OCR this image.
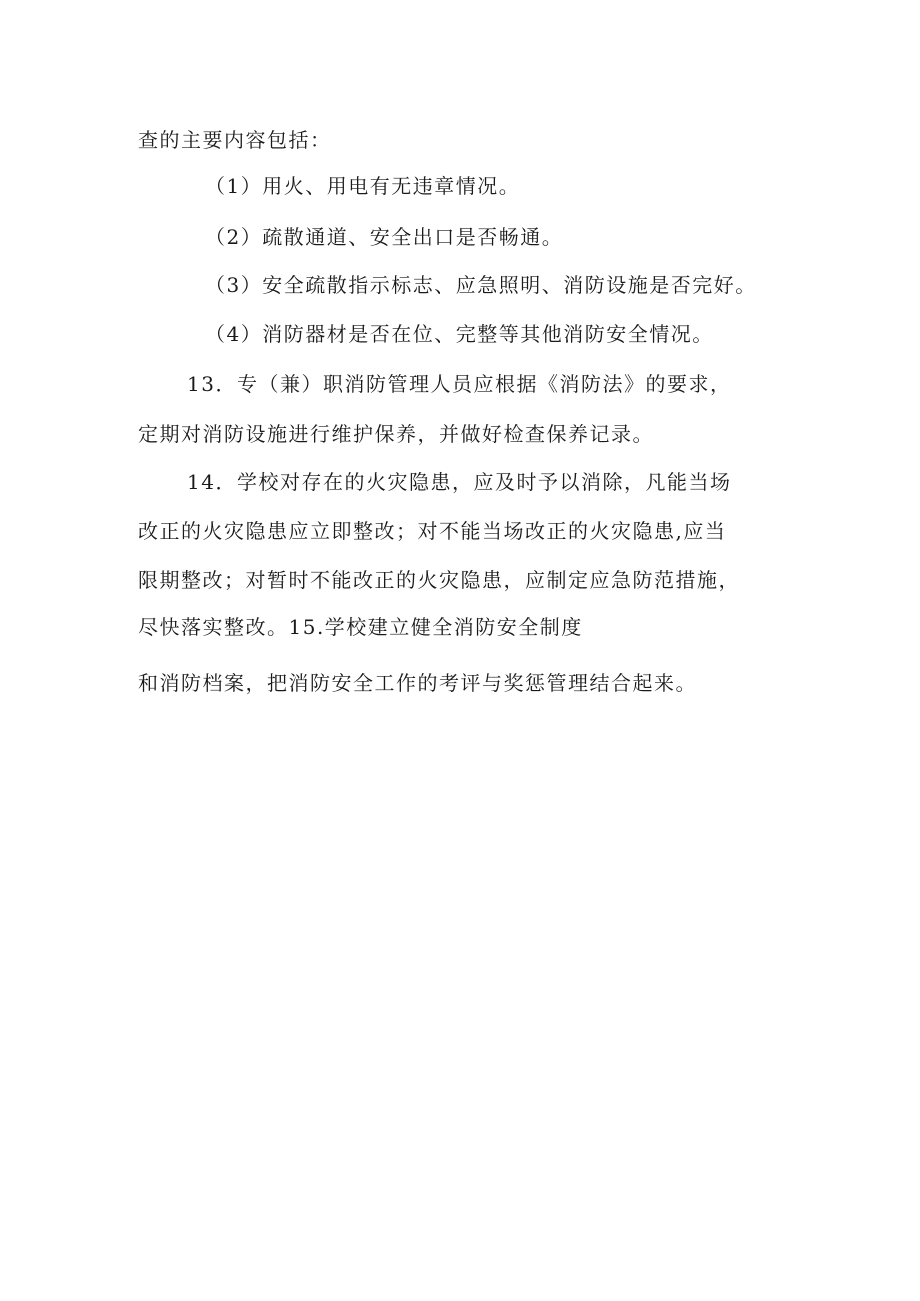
查的主要内容包括：

（1）用火、用电有无违章情况。

（2）疏散通道、安全出口是否畅通。

（3）安全疏散指示标志、应急照明、消防设施是否完好。

（4）消防器材是否在位、完整等其他消防安全情况。

13．专（兼）职消防管理人员应根据《消防法》的要求，

定期对消防设施进行维护保养，并做好检查保养记录。

14．学校对存在的火灾隐患，应及时予以消除，凡能当场

改正的火灾隐患应立即整改；对不能当场改正的火灾隐患,应当

限期整改；对暂时不能改正的火灾隐患，应制定应急防范措施，

尽快落实整改。15.学校建立健全消防安全制度

和消防档案，把消防安全工作的考评与奖惩管理结合起来。
